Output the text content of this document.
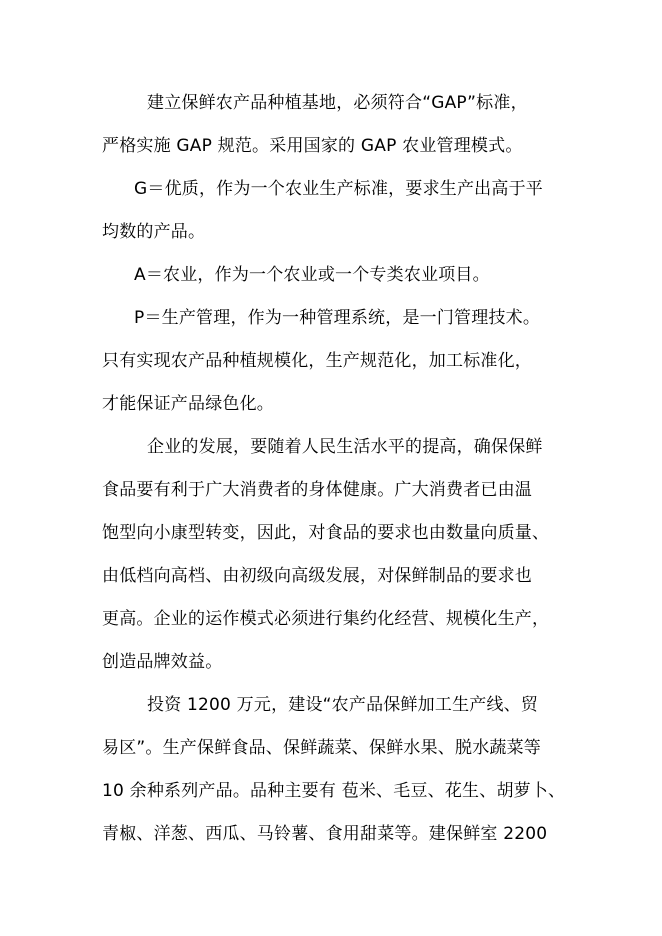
建立保鲜农产品种植基地，必须符合“GAP”标准，
严格实施 GAP 规范。采用国家的 GAP 农业管理模式。
G＝优质，作为一个农业生产标准，要求生产出高于平
均数的产品。
A＝农业，作为一个农业或一个专类农业项目。
P＝生产管理，作为一种管理系统，是一门管理技术。
只有实现农产品种植规模化，生产规范化，加工标准化，
才能保证产品绿色化。
企业的发展，要随着人民生活水平的提高，确保保鲜
食品要有利于广大消费者的身体健康。广大消费者已由温
饱型向小康型转变，因此，对食品的要求也由数量向质量、
由低档向高档、由初级向高级发展，对保鲜制品的要求也
更高。企业的运作模式必须进行集约化经营、规模化生产，
创造品牌效益。
投资 1200 万元，建设“农产品保鲜加工生产线、贸
易区”。生产保鲜食品、保鲜蔬菜、保鲜水果、脱水蔬菜等
10 余种系列产品。品种主要有 苞米、毛豆、花生、胡萝卜、
青椒、洋葱、西瓜、马铃薯、食用甜菜等。建保鲜室 2200
